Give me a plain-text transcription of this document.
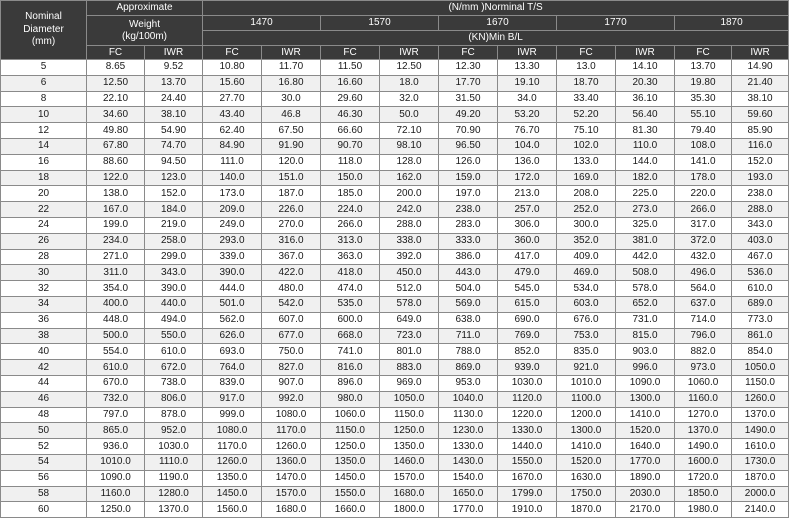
Nominal
Diameter
(mm)	Approximate		(N/mm )Norminal T/S									
	Weight
(kg/100m)		1470		1570		1670		1770		1870	
			(KN)Min B/L									
	FC	IWR	FC	IWR	FC	IWR	FC	IWR	FC	IWR	FC	IWR
5	8.65	9.52	10.80	11.70	11.50	12.50	12.30	13.30	13.0	14.10	13.70	14.90
6	12.50	13.70	15.60	16.80	16.60	18.0	17.70	19.10	18.70	20.30	19.80	21.40
8	22.10	24.40	27.70	30.0	29.60	32.0	31.50	34.0	33.40	36.10	35.30	38.10
10	34.60	38.10	43.40	46.8	46.30	50.0	49.20	53.20	52.20	56.40	55.10	59.60
12	49.80	54.90	62.40	67.50	66.60	72.10	70.90	76.70	75.10	81.30	79.40	85.90
14	67.80	74.70	84.90	91.90	90.70	98.10	96.50	104.0	102.0	110.0	108.0	116.0
16	88.60	94.50	111.0	120.0	118.0	128.0	126.0	136.0	133.0	144.0	141.0	152.0
18	122.0	123.0	140.0	151.0	150.0	162.0	159.0	172.0	169.0	182.0	178.0	193.0
20	138.0	152.0	173.0	187.0	185.0	200.0	197.0	213.0	208.0	225.0	220.0	238.0
22	167.0	184.0	209.0	226.0	224.0	242.0	238.0	257.0	252.0	273.0	266.0	288.0
24	199.0	219.0	249.0	270.0	266.0	288.0	283.0	306.0	300.0	325.0	317.0	343.0
26	234.0	258.0	293.0	316.0	313.0	338.0	333.0	360.0	352.0	381.0	372.0	403.0
28	271.0	299.0	339.0	367.0	363.0	392.0	386.0	417.0	409.0	442.0	432.0	467.0
30	311.0	343.0	390.0	422.0	418.0	450.0	443.0	479.0	469.0	508.0	496.0	536.0
32	354.0	390.0	444.0	480.0	474.0	512.0	504.0	545.0	534.0	578.0	564.0	610.0
34	400.0	440.0	501.0	542.0	535.0	578.0	569.0	615.0	603.0	652.0	637.0	689.0
36	448.0	494.0	562.0	607.0	600.0	649.0	638.0	690.0	676.0	731.0	714.0	773.0
38	500.0	550.0	626.0	677.0	668.0	723.0	711.0	769.0	753.0	815.0	796.0	861.0
40	554.0	610.0	693.0	750.0	741.0	801.0	788.0	852.0	835.0	903.0	882.0	854.0
42	610.0	672.0	764.0	827.0	816.0	883.0	869.0	939.0	921.0	996.0	973.0	1050.0
44	670.0	738.0	839.0	907.0	896.0	969.0	953.0	1030.0	1010.0	1090.0	1060.0	1150.0
46	732.0	806.0	917.0	992.0	980.0	1050.0	1040.0	1120.0	1100.0	1300.0	1160.0	1260.0
48	797.0	878.0	999.0	1080.0	1060.0	1150.0	1130.0	1220.0	1200.0	1410.0	1270.0	1370.0
50	865.0	952.0	1080.0	1170.0	1150.0	1250.0	1230.0	1330.0	1300.0	1520.0	1370.0	1490.0
52	936.0	1030.0	1170.0	1260.0	1250.0	1350.0	1330.0	1440.0	1410.0	1640.0	1490.0	1610.0
54	1010.0	1110.0	1260.0	1360.0	1350.0	1460.0	1430.0	1550.0	1520.0	1770.0	1600.0	1730.0
56	1090.0	1190.0	1350.0	1470.0	1450.0	1570.0	1540.0	1670.0	1630.0	1890.0	1720.0	1870.0
58	1160.0	1280.0	1450.0	1570.0	1550.0	1680.0	1650.0	1799.0	1750.0	2030.0	1850.0	2000.0
60	1250.0	1370.0	1560.0	1680.0	1660.0	1800.0	1770.0	1910.0	1870.0	2170.0	1980.0	2140.0
